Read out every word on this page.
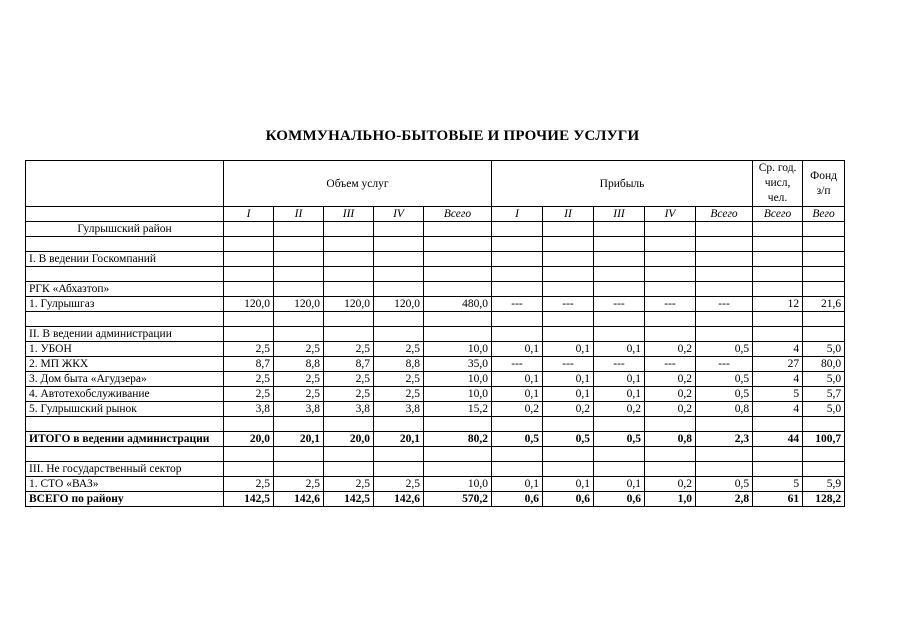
КОММУНАЛЬНО-БЫТОВЫЕ И ПРОЧИЕ УСЛУГИ
	Объем услуг					Прибыль					Ср. год. числ, чел.	Фонд з/п
	I	II	III	IV	Всего	I	II	III	IV	Всего	Всего	Вего
Гулрышский район												

I. В ведении Госкомпаний												

РГК «Абхазтоп»												
1. Гулрышгаз	120,0	120,0	120,0	120,0	480,0	---	---	---	---	---	12	21,6

II. В ведении администрации												
1. УБОН	2,5	2,5	2,5	2,5	10,0	0,1	0,1	0,1	0,2	0,5	4	5,0
2. МП ЖКХ	8,7	8,8	8,7	8,8	35,0	---	---	---	---	---	27	80,0
3. Дом быта «Агудзера»	2,5	2,5	2,5	2,5	10,0	0,1	0,1	0,1	0,2	0,5	4	5,0
4. Автотехобслуживание	2,5	2,5	2,5	2,5	10,0	0,1	0,1	0,1	0,2	0,5	5	5,7
5. Гулрышский рынок	3,8	3,8	3,8	3,8	15,2	0,2	0,2	0,2	0,2	0,8	4	5,0

ИТОГО в ведении администрации	20,0	20,1	20,0	20,1	80,2	0,5	0,5	0,5	0,8	2,3	44	100,7

III. Не государственный сектор												
1. СТО «ВАЗ»	2,5	2,5	2,5	2,5	10,0	0,1	0,1	0,1	0,2	0,5	5	5,9
ВСЕГО по району	142,5	142,6	142,5	142,6	570,2	0,6	0,6	0,6	1,0	2,8	61	128,2
